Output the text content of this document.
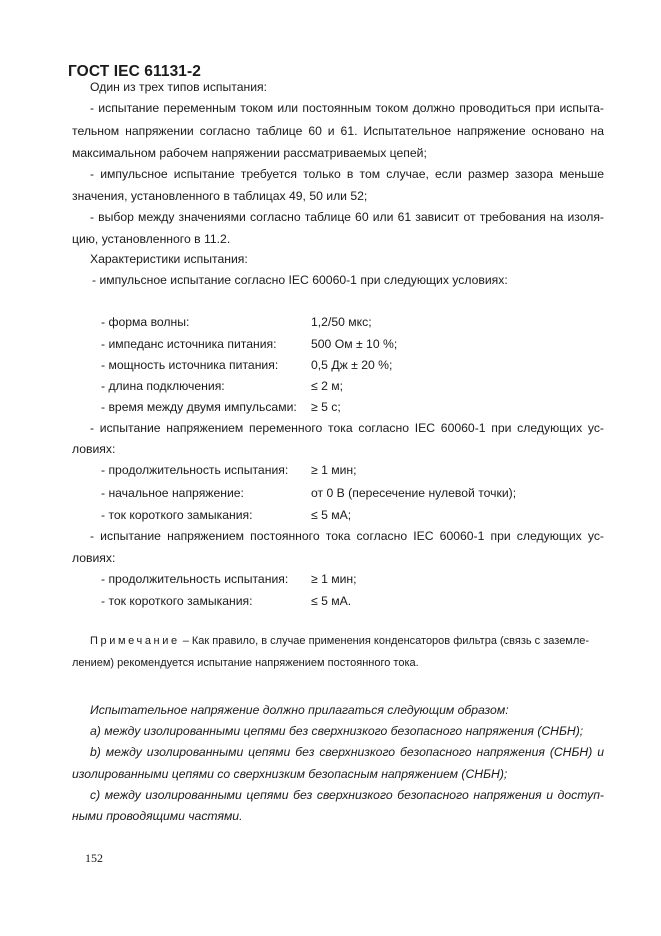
ГОСТ IEC 61131-2
Один из трех типов испытания:
- испытание переменным током или постоянным током должно проводиться при испыта-
тельном напряжении согласно таблице 60 и 61. Испытательное напряжение основано на
максимальном рабочем напряжении рассматриваемых цепей;
- импульсное испытание требуется только в том случае, если размер зазора меньше
значения, установленного в таблицах 49, 50 или 52;
- выбор между значениями согласно таблице 60 или 61 зависит от требования на изоля-
цию, установленного в 11.2.
Характеристики испытания:
- импульсное испытание согласно IEC 60060-1 при следующих условиях:
- форма волны:	1,2/50 мкс;
- импеданс источника питания:	500 Ом ± 10 %;
- мощность источника питания:	0,5 Дж ± 20 %;
- длина подключения:	≤ 2 м;
- время между двумя импульсами: ≥ 5 с;
- испытание напряжением переменного тока согласно IEC 60060-1 при следующих ус-
ловиях:
- продолжительность испытания: ≥ 1 мин;
- начальное напряжение:	от 0 В (пересечение нулевой точки);
- ток короткого замыкания:	≤ 5 мА;
- испытание напряжением постоянного тока согласно IEC 60060-1 при следующих ус-
ловиях:
- продолжительность испытания: ≥ 1 мин;
- ток короткого замыкания:	≤ 5 мА.
Примечание – Как правило, в случае применения конденсаторов фильтра (связь с заземле-
лением) рекомендуется испытание напряжением постоянного тока.
Испытательное напряжение должно прилагаться следующим образом:
а) между изолированными цепями без сверхнизкого безопасного напряжения (СНБН);
b) между изолированными цепями без сверхнизкого безопасного напряжения (СНБН) и
изолированными цепями со сверхнизким безопасным напряжением (СНБН);
с) между изолированными цепями без сверхнизкого безопасного напряжения и доступ-
ными проводящими частями.
152
